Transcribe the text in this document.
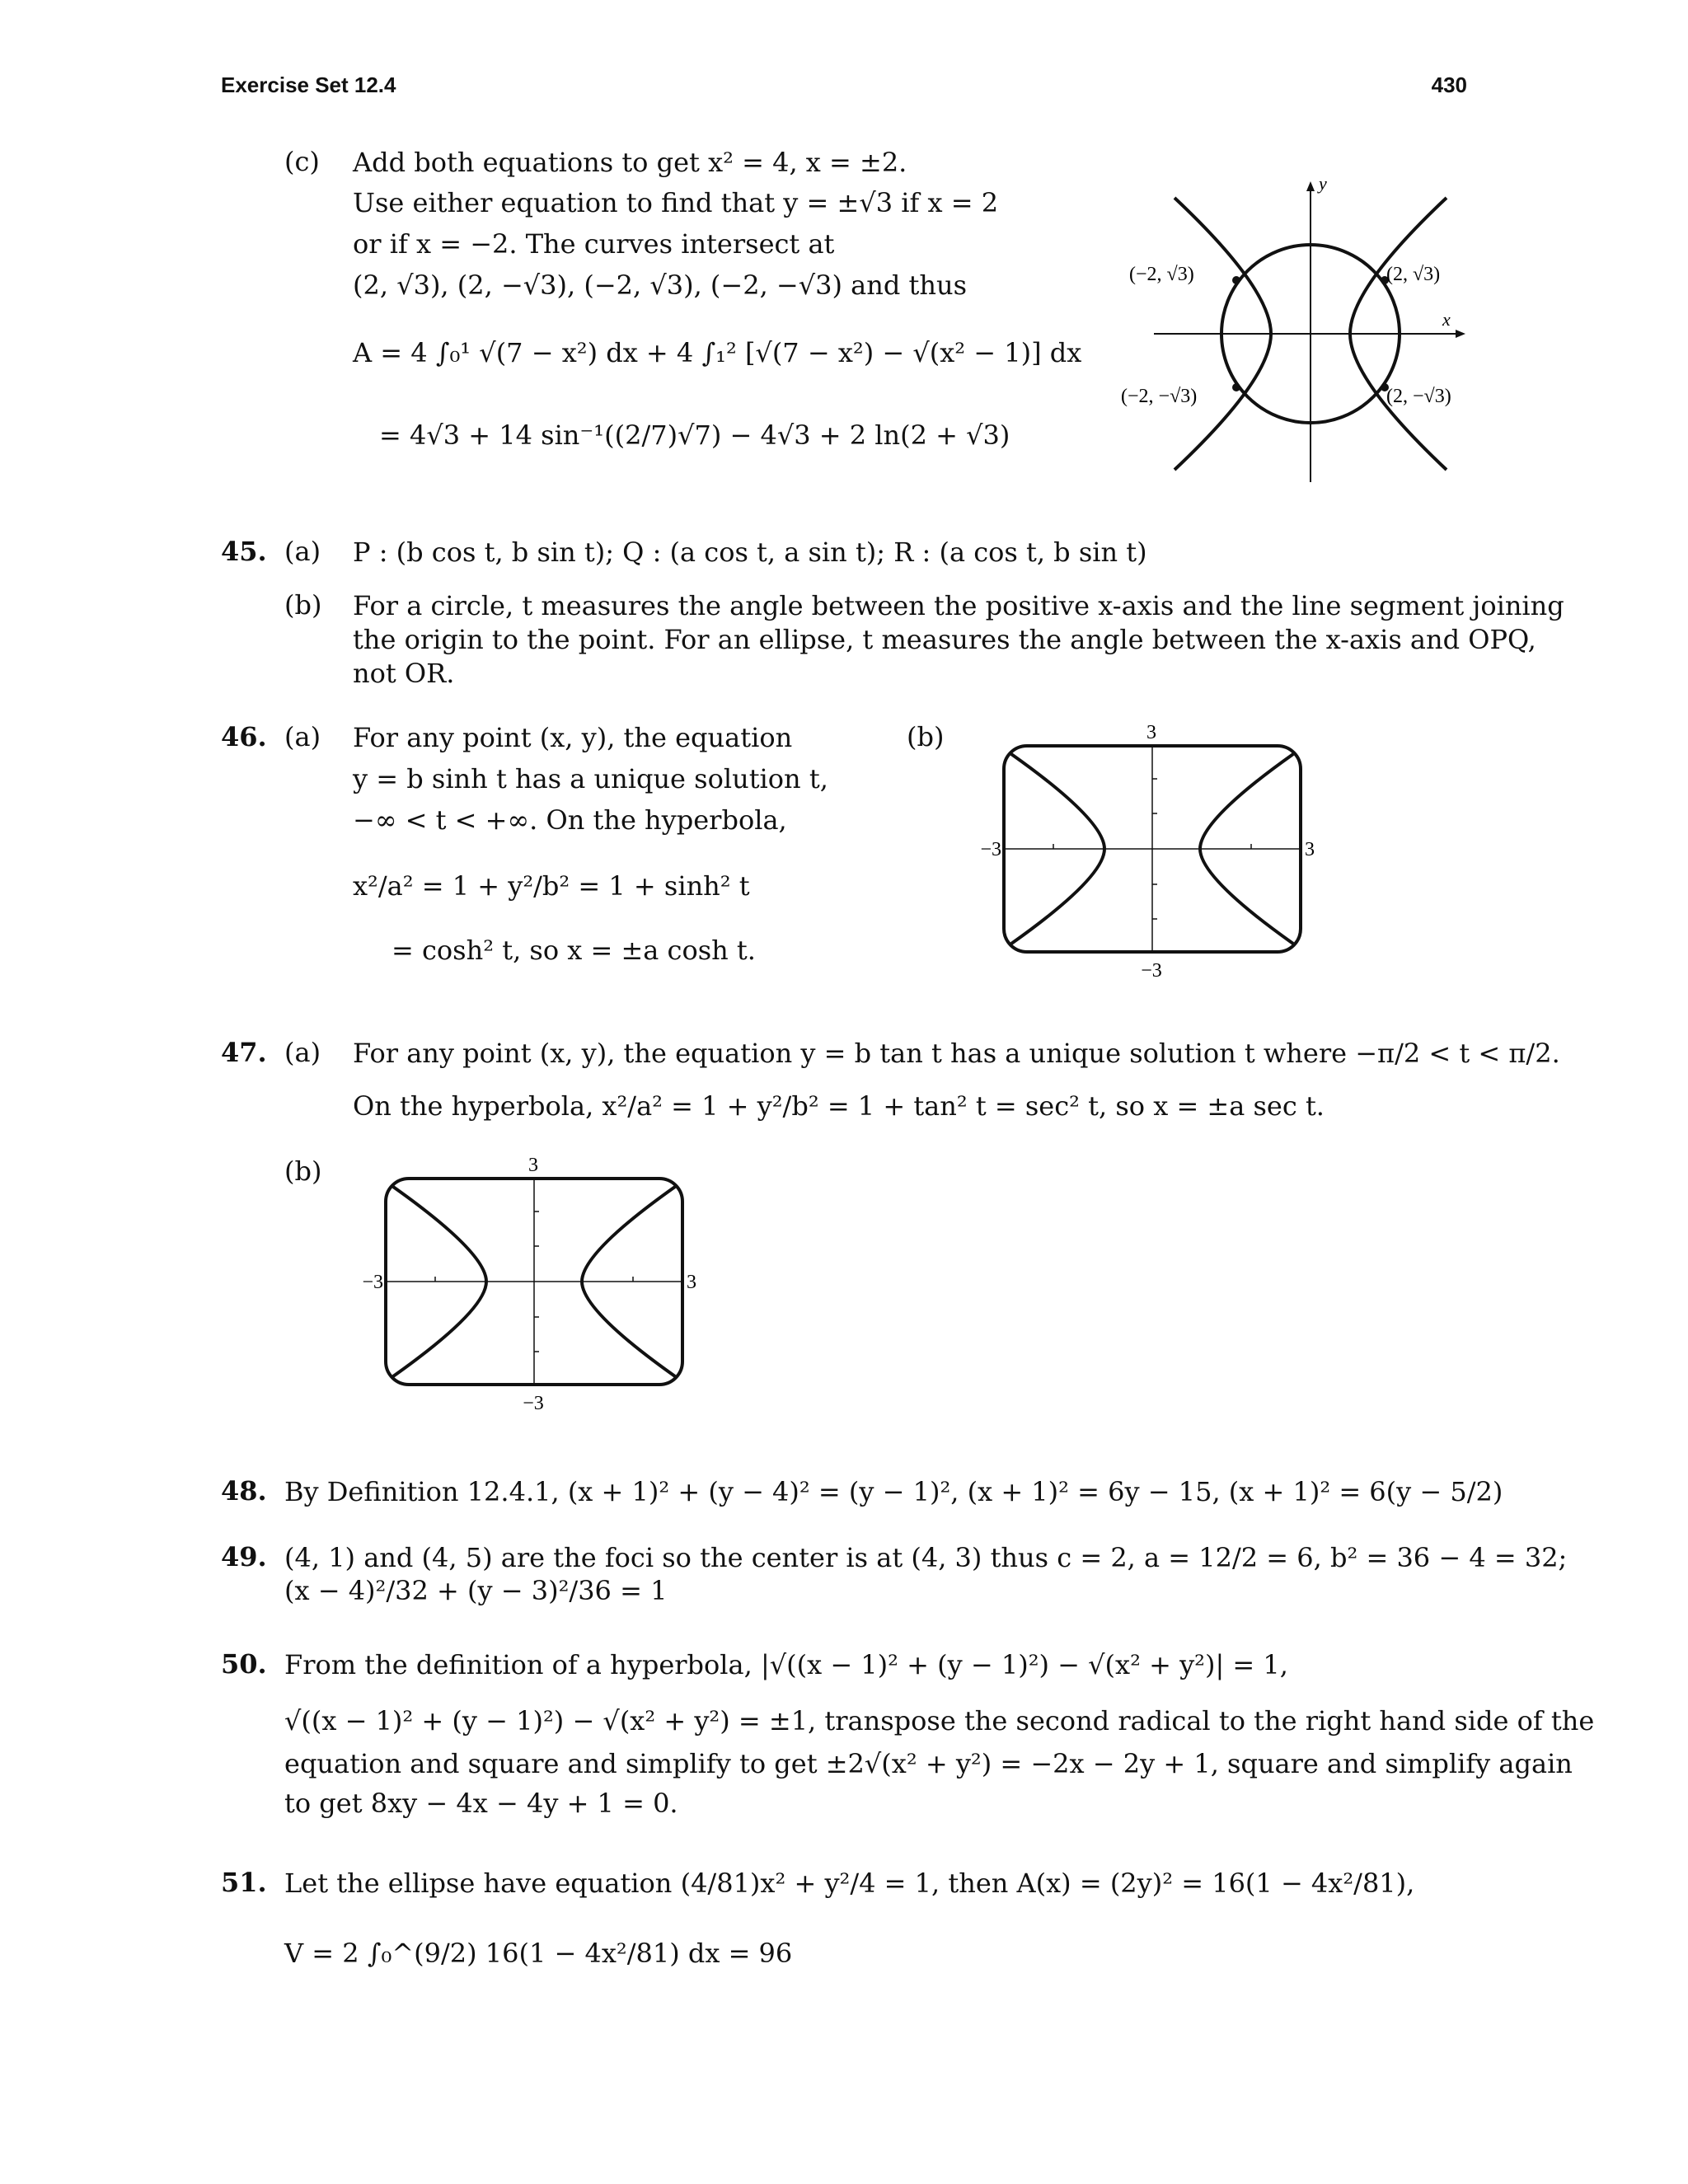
Exercise Set 12.4	430
(c) Add both equations to get x² = 4, x = ±2.
Use either equation to find that y = ±√3 if x = 2
or if x = −2. The curves intersect at
(2, √3), (2, −√3), (−2, √3), (−2, −√3) and thus
A = 4 ∫₀¹ √(7 − x²) dx + 4 ∫₁² [√(7 − x²) − √(x² − 1)] dx
= 4√3 + 14 sin⁻¹((2/7)√7) − 4√3 + 2 ln(2 + √3)
y
x
(−2, √3)	(2, √3)
(−2, −√3)	(2, −√3)
45. (a) P : (b cos t, b sin t); Q : (a cos t, a sin t); R : (a cos t, b sin t)
(b) For a circle, t measures the angle between the positive x-axis and the line segment joining
the origin to the point. For an ellipse, t measures the angle between the x-axis and OPQ,
not OR.
46. (a) For any point (x, y), the equation
y = b sinh t has a unique solution t,
−∞ < t < +∞. On the hyperbola,
x²/a² = 1 + y²/b² = 1 + sinh² t
= cosh² t, so x = ±a cosh t.
(b)	3
−3	3
−3
47. (a) For any point (x, y), the equation y = b tan t has a unique solution t where −π/2 < t < π/2.
On the hyperbola, x²/a² = 1 + y²/b² = 1 + tan² t = sec² t, so x = ±a sec t.
(b)	3
−3	3
−3
48. By Definition 12.4.1, (x + 1)² + (y − 4)² = (y − 1)², (x + 1)² = 6y − 15, (x + 1)² = 6(y − 5/2)
49. (4, 1) and (4, 5) are the foci so the center is at (4, 3) thus c = 2, a = 12/2 = 6, b² = 36 − 4 = 32;
(x − 4)²/32 + (y − 3)²/36 = 1
50. From the definition of a hyperbola, |√((x − 1)² + (y − 1)²) − √(x² + y²)| = 1,
√((x − 1)² + (y − 1)²) − √(x² + y²) = ±1, transpose the second radical to the right hand side of the
equation and square and simplify to get ±2√(x² + y²) = −2x − 2y + 1, square and simplify again
to get 8xy − 4x − 4y + 1 = 0.
51. Let the ellipse have equation (4/81)x² + y²/4 = 1, then A(x) = (2y)² = 16(1 − 4x²/81),
V = 2 ∫₀^(9/2) 16(1 − 4x²/81) dx = 96
